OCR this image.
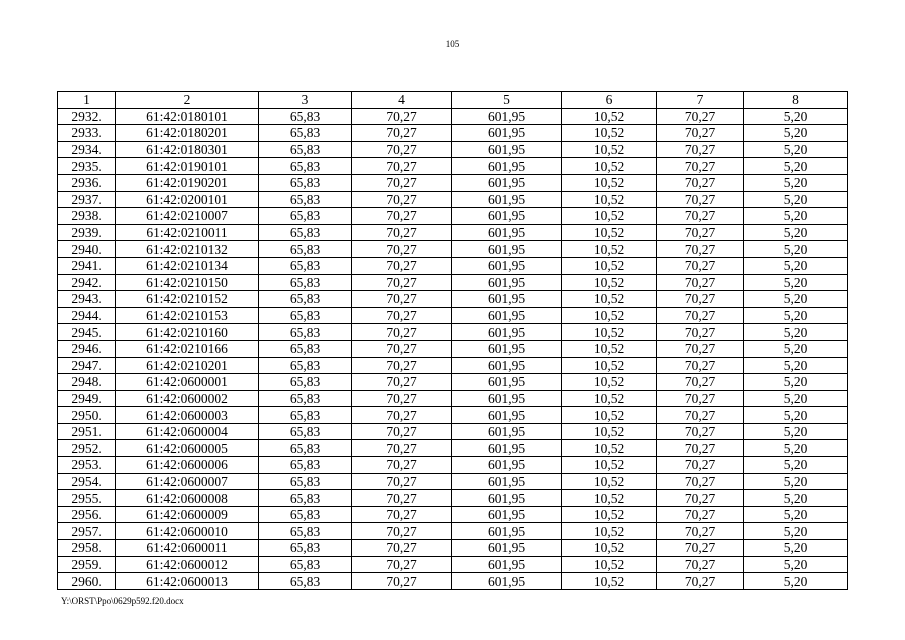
105
1	2	3	4	5	6	7	8
2932.	61:42:0180101	65,83	70,27	601,95	10,52	70,27	5,20
2933.	61:42:0180201	65,83	70,27	601,95	10,52	70,27	5,20
2934.	61:42:0180301	65,83	70,27	601,95	10,52	70,27	5,20
2935.	61:42:0190101	65,83	70,27	601,95	10,52	70,27	5,20
2936.	61:42:0190201	65,83	70,27	601,95	10,52	70,27	5,20
2937.	61:42:0200101	65,83	70,27	601,95	10,52	70,27	5,20
2938.	61:42:0210007	65,83	70,27	601,95	10,52	70,27	5,20
2939.	61:42:0210011	65,83	70,27	601,95	10,52	70,27	5,20
2940.	61:42:0210132	65,83	70,27	601,95	10,52	70,27	5,20
2941.	61:42:0210134	65,83	70,27	601,95	10,52	70,27	5,20
2942.	61:42:0210150	65,83	70,27	601,95	10,52	70,27	5,20
2943.	61:42:0210152	65,83	70,27	601,95	10,52	70,27	5,20
2944.	61:42:0210153	65,83	70,27	601,95	10,52	70,27	5,20
2945.	61:42:0210160	65,83	70,27	601,95	10,52	70,27	5,20
2946.	61:42:0210166	65,83	70,27	601,95	10,52	70,27	5,20
2947.	61:42:0210201	65,83	70,27	601,95	10,52	70,27	5,20
2948.	61:42:0600001	65,83	70,27	601,95	10,52	70,27	5,20
2949.	61:42:0600002	65,83	70,27	601,95	10,52	70,27	5,20
2950.	61:42:0600003	65,83	70,27	601,95	10,52	70,27	5,20
2951.	61:42:0600004	65,83	70,27	601,95	10,52	70,27	5,20
2952.	61:42:0600005	65,83	70,27	601,95	10,52	70,27	5,20
2953.	61:42:0600006	65,83	70,27	601,95	10,52	70,27	5,20
2954.	61:42:0600007	65,83	70,27	601,95	10,52	70,27	5,20
2955.	61:42:0600008	65,83	70,27	601,95	10,52	70,27	5,20
2956.	61:42:0600009	65,83	70,27	601,95	10,52	70,27	5,20
2957.	61:42:0600010	65,83	70,27	601,95	10,52	70,27	5,20
2958.	61:42:0600011	65,83	70,27	601,95	10,52	70,27	5,20
2959.	61:42:0600012	65,83	70,27	601,95	10,52	70,27	5,20
2960.	61:42:0600013	65,83	70,27	601,95	10,52	70,27	5,20
Y:\ORST\Ppo\0629p592.f20.docx
